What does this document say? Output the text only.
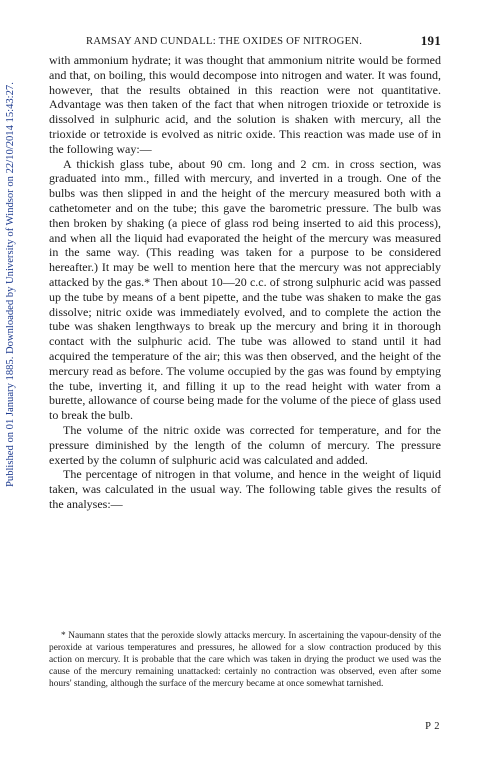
RAMSAY AND CUNDALL: THE OXIDES OF NITROGEN.	191
Published on 01 January 1885. Downloaded by University of Windsor on 22/10/2014 15:43:27.

with ammonium hydrate; it was thought that ammonium nitrite would be formed and that, on boiling, this would decompose into nitrogen and water. It was found, however, that the results obtained in this reaction were not quantitative. Advantage was then taken of the fact that when nitrogen trioxide or tetroxide is dissolved in sulphuric acid, and the solution is shaken with mercury, all the trioxide or tetroxide is evolved as nitric oxide. This reaction was made use of in the following way:—

A thickish glass tube, about 90 cm. long and 2 cm. in cross section, was graduated into mm., filled with mercury, and inverted in a trough. One of the bulbs was then slipped in and the height of the mercury measured both with a cathetometer and on the tube; this gave the barometric pressure. The bulb was then broken by shaking (a piece of glass rod being inserted to aid this process), and when all the liquid had evaporated the height of the mercury was measured in the same way. (This reading was taken for a purpose to be considered hereafter.) It may be well to mention here that the mercury was not appreciably attacked by the gas.* Then about 10—20 c.c. of strong sulphuric acid was passed up the tube by means of a bent pipette, and the tube was shaken to make the gas dissolve; nitric oxide was immediately evolved, and to complete the action the tube was shaken lengthways to break up the mercury and bring it in thorough contact with the sulphuric acid. The tube was allowed to stand until it had acquired the temperature of the air; this was then observed, and the height of the mercury read as before. The volume occupied by the gas was found by emptying the tube, inverting it, and filling it up to the read height with water from a burette, allowance of course being made for the volume of the piece of glass used to break the bulb.

The volume of the nitric oxide was corrected for temperature, and for the pressure diminished by the length of the column of mercury. The pressure exerted by the column of sulphuric acid was calculated and added.

The percentage of nitrogen in that volume, and hence in the weight of liquid taken, was calculated in the usual way. The following table gives the results of the analyses:—

* Naumann states that the peroxide slowly attacks mercury. In ascertaining the vapour-density of the peroxide at various temperatures and pressures, he allowed for a slow contraction produced by this action on mercury. It is probable that the care which was taken in drying the product we used was the cause of the mercury remaining unattacked: certainly no contraction was observed, even after some hours' standing, although the surface of the mercury became at once somewhat tarnished.

P 2
